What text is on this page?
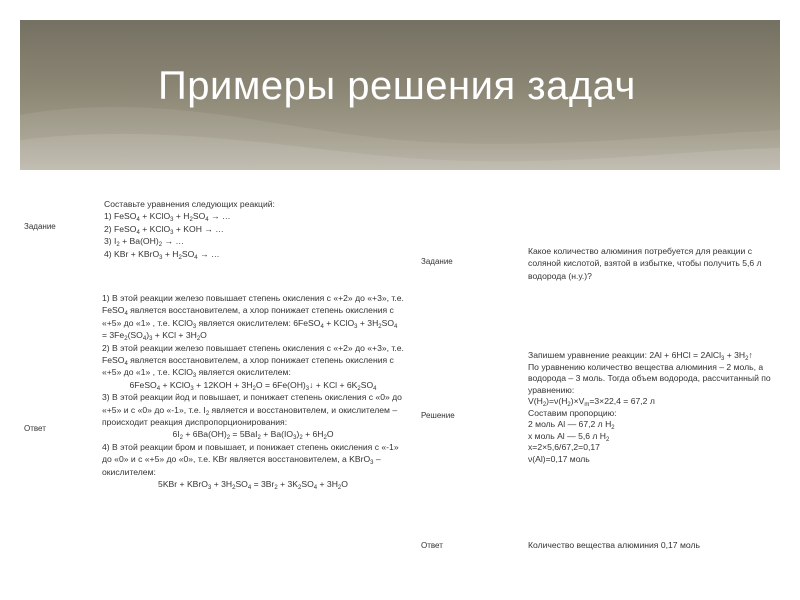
Примеры решения задач
Задание
Составьте уравнения следующих реакций:
1) FeSO$_4$ + KClO$_3$ + $H_2SO_4$ → …
2) FeSO$_4$ + KClO$_3$ + KOH → …
3) $I_2 + Ba(OH)_2$ → …
4) KBr + KBrO$_3$ + $H_2SO_4$ → …
Ответ
1) В этой реакции железо повышает степень окисления с «+2» до «+3», т.е. FeSO$_4$ является восстановителем, а хлор понижает степень окисления с «+5» до «1» , т.е. KClO$_3$ является окислителем: 6FeSO$_4$ + KClO$_3$ + $3H_2SO_4 = 3Fe_2(SO_4)_3$ + KCl + $3H_2O$
2) В этой реакции железо повышает степень окисления с «+2» до «+3», т.е. FeSO$_4$ является восстановителем, а хлор понижает степень окисления с «+5» до «1» , т.е. KClO$_3$ является окислителем:
6FeSO$_4$ + KClO$_3$ + $12KOH + 3H_2O$ = $6Fe(OH)_3↓$ + KCl + $6K_2SO_4$
3) В этой реакции йод и повышает, и понижает степень окисления с «0» до «+5» и с «0» до «-1», т.е. $I_2$ является и восстановителем, и окислителем – происходит реакция диспропорционирования:
$6I_2 + 6Ba(OH)_2 = 5BaI_2 + Ba(IO_3)_2 + 6H_2O$
4) В этой реакции бром и повышает, и понижает степень окисления с «-1» до «0» и с «+5» до «0», т.е. KBr является восстановителем, а KBrO$_3$ – окислителем:
5KBr + KBrO$_3$ + $3H_2SO_4 = 3Br_2 + 3K_2SO_4 + 3H_2O$
Задание
Какое количество алюминия потребуется для реакции с соляной кислотой, взятой в избытке, чтобы получить 5,6 л водорода (н.у.)?
Решение
Запишем уравнение реакции: 2Al + 6HCl = 2AlCl$_3$ + $3H_2↑$
По уравнению количество вещества алюминия – 2 моль, а водорода – 3 моль. Тогда объем водорода, рассчитанный по уравнению:
$V(H_2)=\nu(H_2)\times V_m=3\times 22,4 = 67,2$ л
Составим пропорцию:
2 моль Al — 67,2 л $H_2$
x моль Al — 5,6 л $H_2$
x=2×5,6/67,2=0,17
ν(Al)=0,17 моль
Ответ	Количество вещества алюминия 0,17 моль
